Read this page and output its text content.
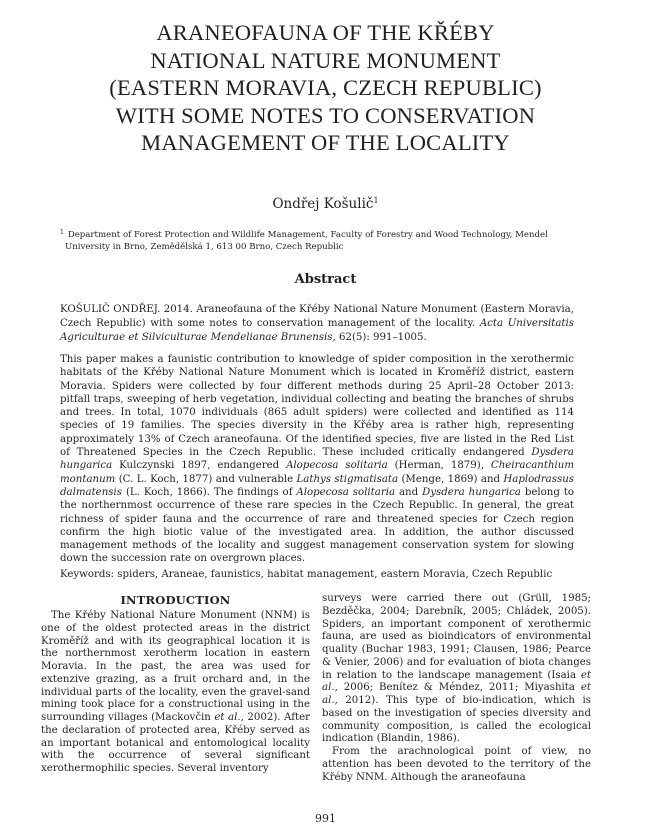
ARANEOFAUNA OF THE KŘÉBY
NATIONAL NATURE MONUMENT
(EASTERN MORAVIA, CZECH REPUBLIC)
WITH SOME NOTES TO CONSERVATION
MANAGEMENT OF THE LOCALITY
Ondřej Košulič$^1$
$^1$ Department of Forest Protection and Wildlife Management, Faculty of Forestry and Wood Technology, Mendel
University in Brno, Zemědělská 1, 613 00 Brno, Czech Republic
Abstract
KOŠULIČ ONDŘEJ. 2014. Araneofauna of the Křéby National Nature Monument (Eastern Moravia, Czech Republic) with some notes to conservation management of the locality. Acta Universitatis Agriculturae et Silviculturae Mendelianae Brunensis, 62(5): 991–1005.
This paper makes a faunistic contribution to knowledge of spider composition in the xerothermic habitats of the Křéby National Nature Monument which is located in Kroměříž district, eastern Moravia. Spiders were collected by four different methods during 25 April–28 October 2013: pitfall traps, sweeping of herb vegetation, individual collecting and beating the branches of shrubs and trees. In total, 1070 individuals (865 adult spiders) were collected and identified as 114 species of 19 families. The species diversity in the Křéby area is rather high, representing approximately 13% of Czech araneofauna. Of the identified species, five are listed in the Red List of Threatened Species in the Czech Republic. These included critically endangered Dysdera hungarica Kulczynski 1897, endangered Alopecosa solitaria (Herman, 1879), Cheiracanthium montanum (C. L. Koch, 1877) and vulnerable Lathys stigmatisata (Menge, 1869) and Haplodrassus dalmatensis (L. Koch, 1866). The findings of Alopecosa solitaria and Dysdera hungarica belong to the northernmost occurrence of these rare species in the Czech Republic. In general, the great richness of spider fauna and the occurrence of rare and threatened species for Czech region confirm the high biotic value of the investigated area. In addition, the author discussed management methods of the locality and suggest management conservation system for slowing down the succession rate on overgrown places.
Keywords: spiders, Araneae, faunistics, habitat management, eastern Moravia, Czech Republic
INTRODUCTION

The Křéby National Nature Monument (NNM) is one of the oldest protected areas in the district Kroměříž and with its geographical location it is the northernmost xerotherm location in eastern Moravia. In the past, the area was used for extenzive grazing, as a fruit orchard and, in the individual parts of the locality, even the gravel-sand mining took place for a constructional using in the surrounding villages (Mackovčin et al., 2002). After the declaration of protected area, Křéby served as an important botanical and entomological locality with the occurrence of several significant xerothermophilic species. Several inventory

surveys were carried there out (Grüll, 1985; Bezděčka, 2004; Darebník, 2005; Chládek, 2005). Spiders, an important component of xerothermic fauna, are used as bioindicators of environmental quality (Buchar 1983, 1991; Clausen, 1986; Pearce & Venier, 2006) and for evaluation of biota changes in relation to the landscape management (Isaia et al., 2006; Benítez & Méndez, 2011; Miyashita et al., 2012). This type of bio-indication, which is based on the investigation of species diversity and community composition, is called the ecological indication (Blandin, 1986).

From the arachnological point of view, no attention has been devoted to the territory of the Křéby NNM. Although the araneofauna

991
